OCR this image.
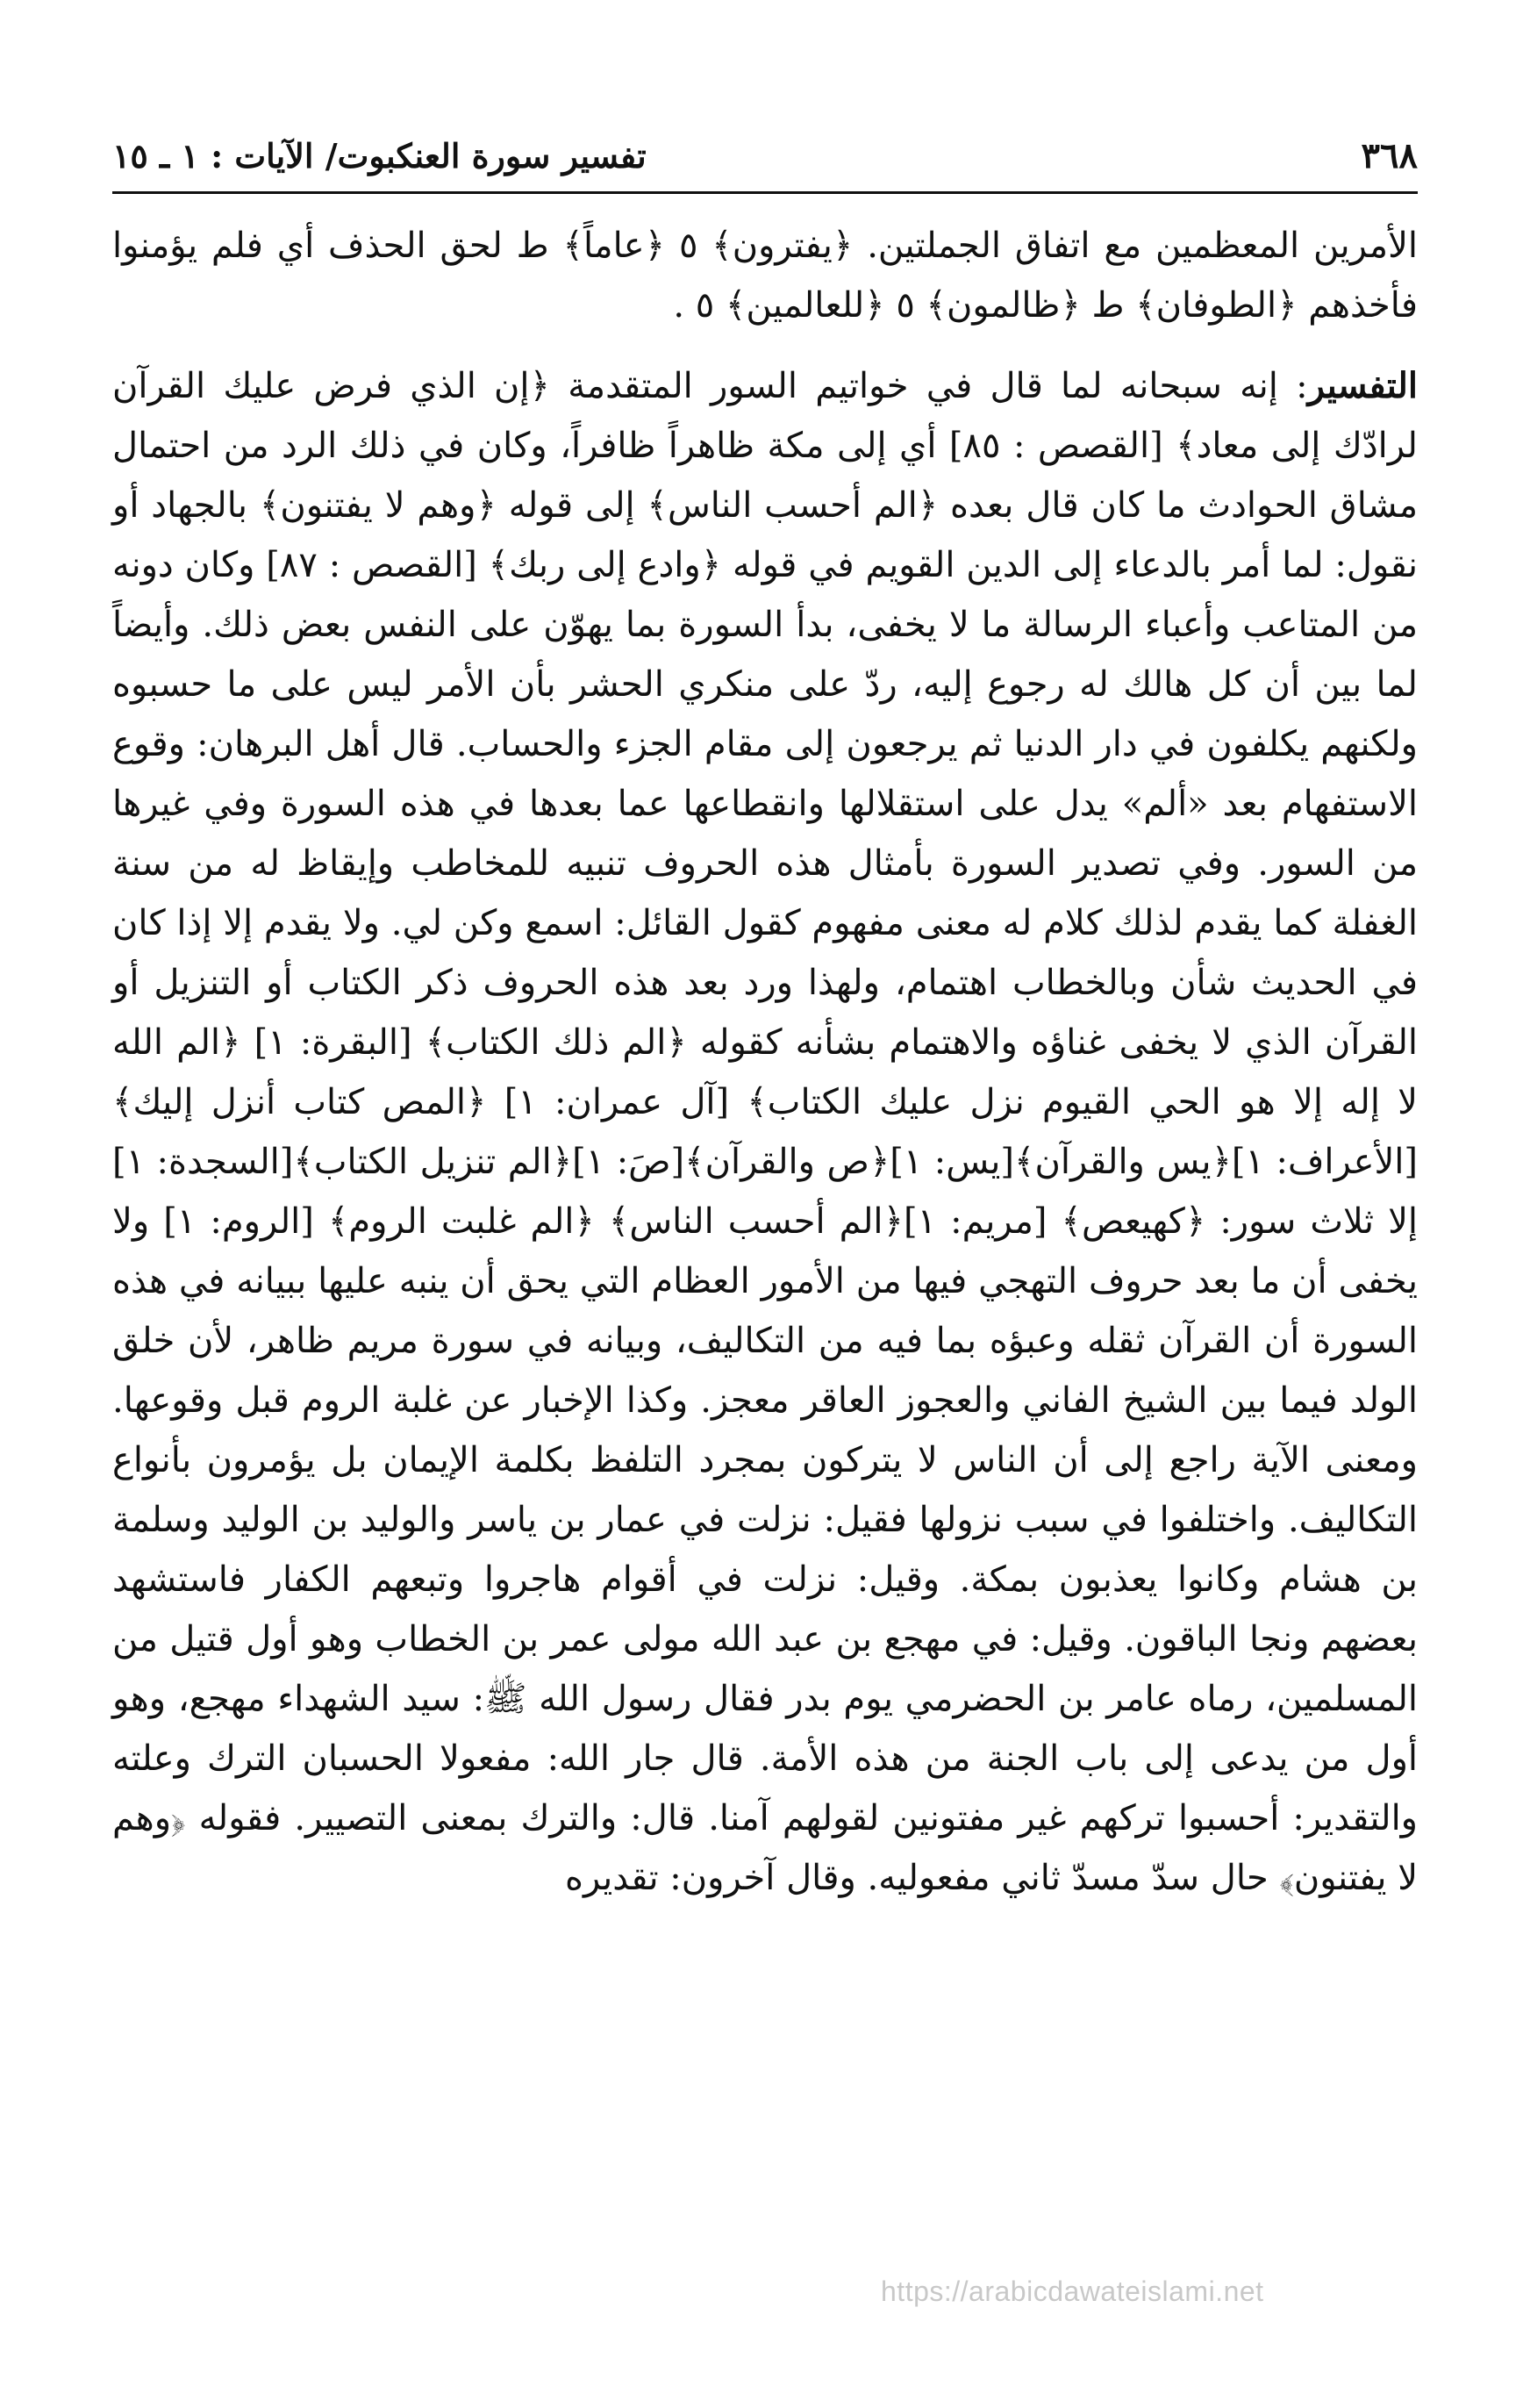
٣٦٨
تفسير سورة العنكبوت/ الآيات : ١ ـ ١٥

الأمرين المعظمين مع اتفاق الجملتين. ﴿يفترون﴾ ٥ ﴿عاماً﴾ ط لحق الحذف أي فلم يؤمنوا فأخذهم ﴿الطوفان﴾ ط ﴿ظالمون﴾ ٥ ﴿للعالمين﴾ ٥ .

التفسير: إنه سبحانه لما قال في خواتيم السور المتقدمة ﴿إن الذي فرض عليك القرآن لرادّك إلى معاد﴾ [القصص : ٨٥] أي إلى مكة ظاهراً ظافراً، وكان في ذلك الرد من احتمال مشاق الحوادث ما كان قال بعده ﴿الم أحسب الناس﴾ إلى قوله ﴿وهم لا يفتنون﴾ بالجهاد أو نقول: لما أمر بالدعاء إلى الدين القويم في قوله ﴿وادع إلى ربك﴾ [القصص : ٨٧] وكان دونه من المتاعب وأعباء الرسالة ما لا يخفى، بدأ السورة بما يهوّن على النفس بعض ذلك. وأيضاً لما بين أن كل هالك له رجوع إليه، ردّ على منكري الحشر بأن الأمر ليس على ما حسبوه ولكنهم يكلفون في دار الدنيا ثم يرجعون إلى مقام الجزء والحساب. قال أهل البرهان: وقوع الاستفهام بعد «ألم» يدل على استقلالها وانقطاعها عما بعدها في هذه السورة وفي غيرها من السور. وفي تصدير السورة بأمثال هذه الحروف تنبيه للمخاطب وإيقاظ له من سنة الغفلة كما يقدم لذلك كلام له معنى مفهوم كقول القائل: اسمع وكن لي. ولا يقدم إلا إذا كان في الحديث شأن وبالخطاب اهتمام، ولهذا ورد بعد هذه الحروف ذكر الكتاب أو التنزيل أو القرآن الذي لا يخفى غناؤه والاهتمام بشأنه كقوله ﴿الم ذلك الكتاب﴾ [البقرة: ١] ﴿الم الله لا إله إلا هو الحي القيوم نزل عليك الكتاب﴾ [آل عمران: ١] ﴿المص كتاب أنزل إليك﴾ [الأعراف: ١]﴿يس والقرآن﴾[يس: ١]﴿ص والقرآن﴾[صَ: ١]﴿الم تنزيل الكتاب﴾[السجدة: ١] إلا ثلاث سور: ﴿كهيعص﴾ [مريم: ١]﴿الم أحسب الناس﴾ ﴿الم غلبت الروم﴾ [الروم: ١] ولا يخفى أن ما بعد حروف التهجي فيها من الأمور العظام التي يحق أن ينبه عليها ببيانه في هذه السورة أن القرآن ثقله وعبؤه بما فيه من التكاليف، وبيانه في سورة مريم ظاهر، لأن خلق الولد فيما بين الشيخ الفاني والعجوز العاقر معجز. وكذا الإخبار عن غلبة الروم قبل وقوعها. ومعنى الآية راجع إلى أن الناس لا يتركون بمجرد التلفظ بكلمة الإيمان بل يؤمرون بأنواع التكاليف. واختلفوا في سبب نزولها فقيل: نزلت في عمار بن ياسر والوليد بن الوليد وسلمة بن هشام وكانوا يعذبون بمكة. وقيل: نزلت في أقوام هاجروا وتبعهم الكفار فاستشهد بعضهم ونجا الباقون. وقيل: في مهجع بن عبد الله مولى عمر بن الخطاب وهو أول قتيل من المسلمين، رماه عامر بن الحضرمي يوم بدر فقال رسول الله ﷺ: سيد الشهداء مهجع، وهو أول من يدعى إلى باب الجنة من هذه الأمة. قال جار الله: مفعولا الحسبان الترك وعلته والتقدير: أحسبوا تركهم غير مفتونين لقولهم آمنا. قال: والترك بمعنى التصيير. فقوله ﴿وهم لا يفتنون﴾ حال سدّ مسدّ ثاني مفعوليه. وقال آخرون: تقديره

https://arabicdawateislami.net
